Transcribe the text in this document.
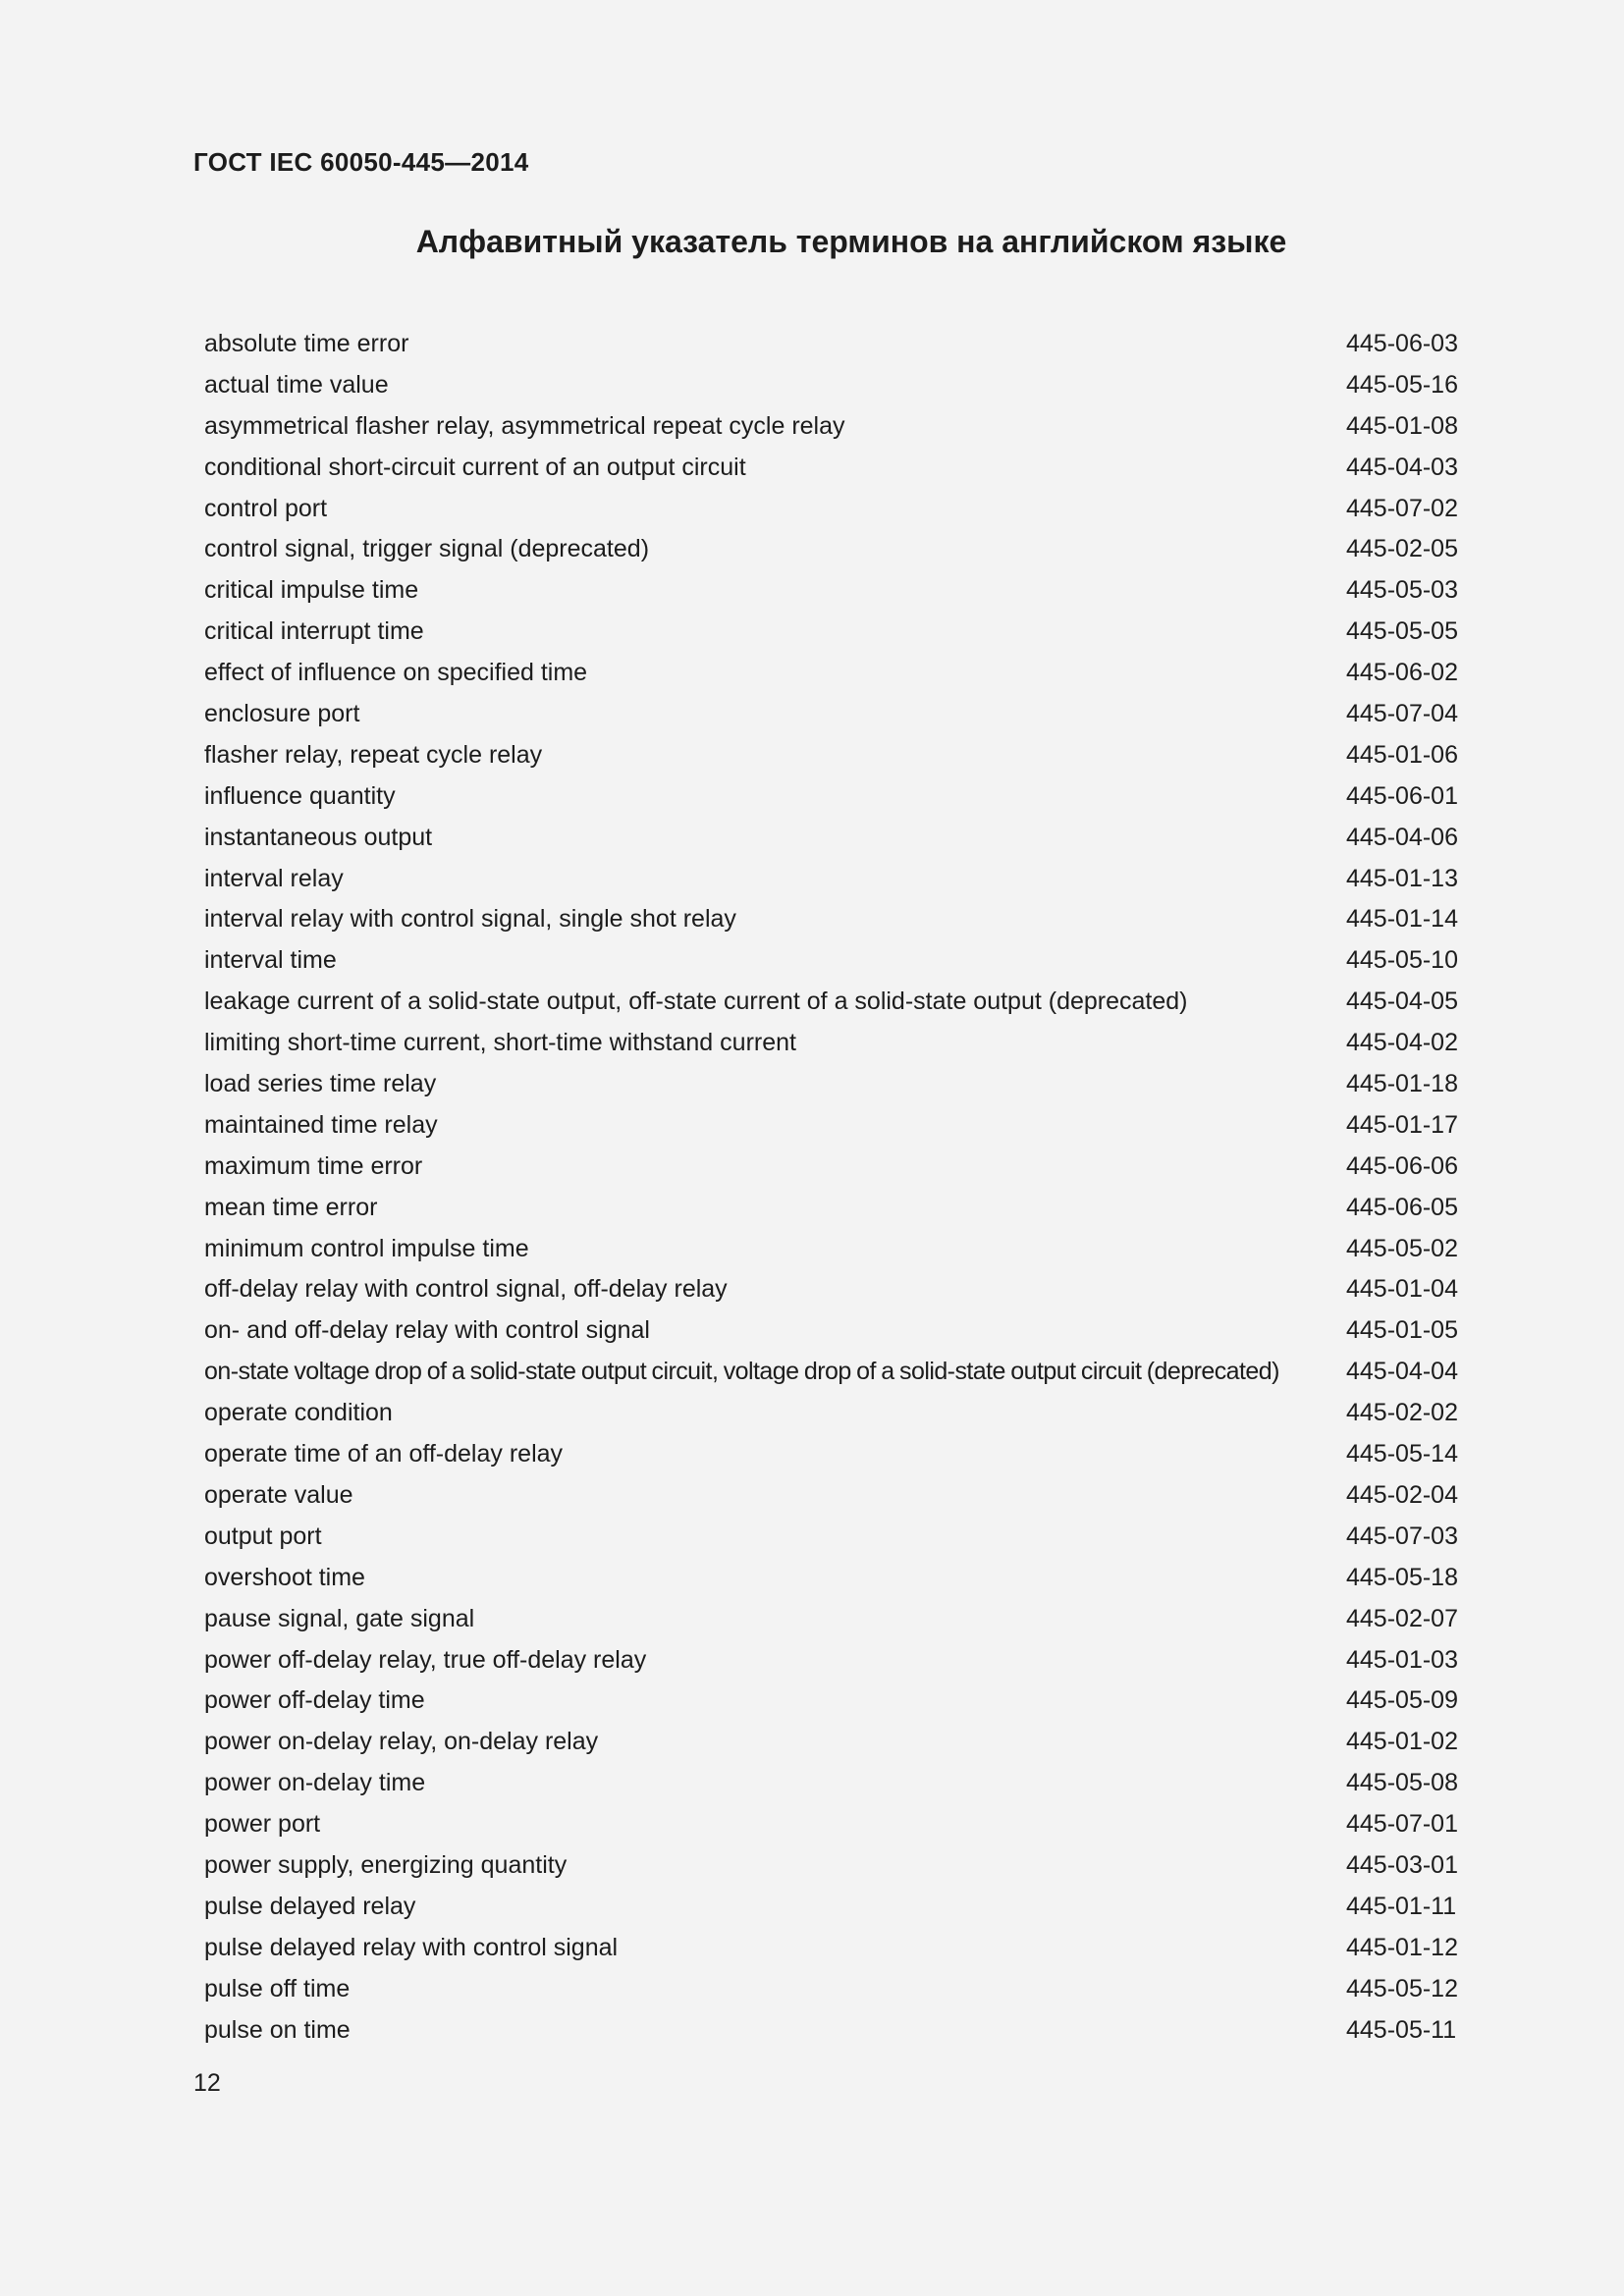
ГОСТ IEC 60050-445—2014
Алфавитный указатель терминов на английском языке
absolute time error	445-06-03
actual time value	445-05-16
asymmetrical flasher relay, asymmetrical repeat cycle relay	445-01-08
conditional short-circuit current of an output circuit	445-04-03
control port	445-07-02
control signal, trigger signal (deprecated)	445-02-05
critical impulse time	445-05-03
critical interrupt time	445-05-05
effect of influence on specified time	445-06-02
enclosure port	445-07-04
flasher relay, repeat cycle relay	445-01-06
influence quantity	445-06-01
instantaneous output	445-04-06
interval relay	445-01-13
interval relay with control signal, single shot relay	445-01-14
interval time	445-05-10
leakage current of a solid-state output, off-state current of a solid-state output (deprecated)	445-04-05
limiting short-time current, short-time withstand current	445-04-02
load series time relay	445-01-18
maintained time relay	445-01-17
maximum time error	445-06-06
mean time error	445-06-05
minimum control impulse time	445-05-02
off-delay relay with control signal, off-delay relay	445-01-04
on- and off-delay relay with control signal	445-01-05
on-state voltage drop of a solid-state output circuit, voltage drop of a solid-state output circuit (deprecated)	445-04-04
operate condition	445-02-02
operate time of an off-delay relay	445-05-14
operate value	445-02-04
output port	445-07-03
overshoot time	445-05-18
pause signal, gate signal	445-02-07
power off-delay relay, true off-delay relay	445-01-03
power off-delay time	445-05-09
power on-delay relay, on-delay relay	445-01-02
power on-delay time	445-05-08
power port	445-07-01
power supply, energizing quantity	445-03-01
pulse delayed relay	445-01-11
pulse delayed relay with control signal	445-01-12
pulse off time	445-05-12
pulse on time	445-05-11
12
